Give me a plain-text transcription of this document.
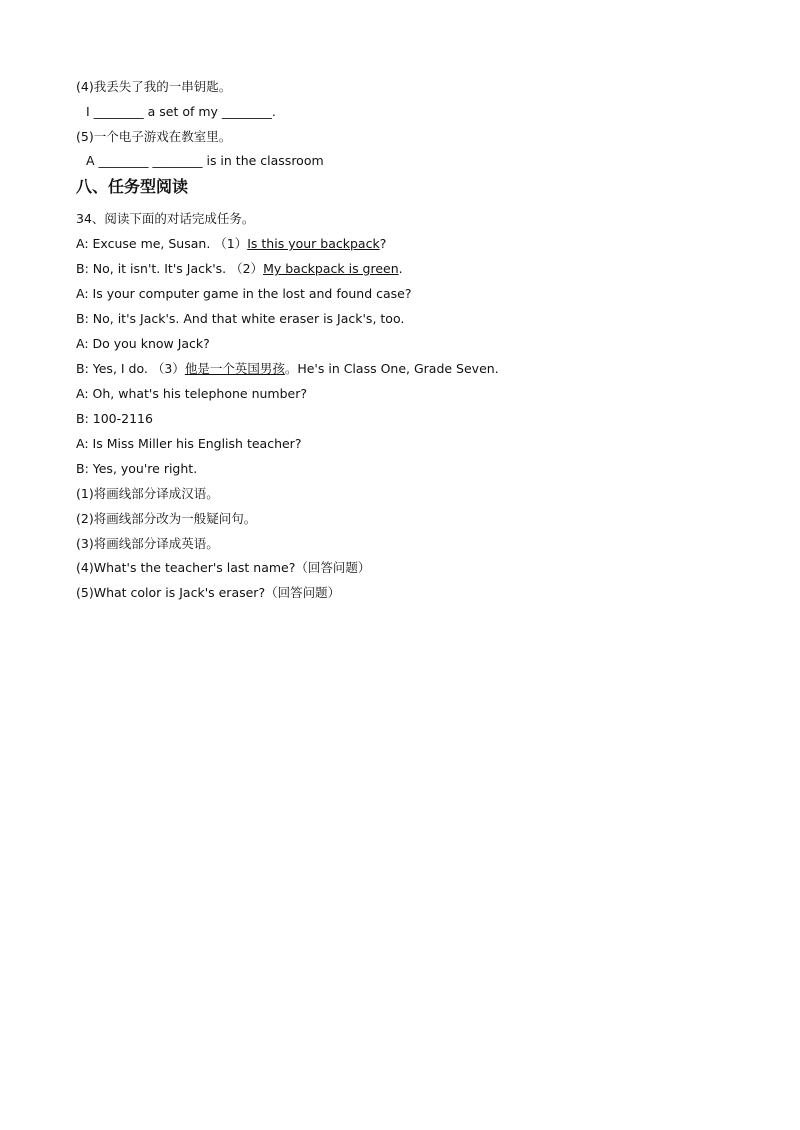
(4)我丢失了我的一串钥匙。
I ________ a set of my ________.
(5)一个电子游戏在教室里。
A ________ ________ is in the classroom
八、任务型阅读
34、阅读下面的对话完成任务。
A: Excuse me, Susan. （1）Is this your backpack?
B: No, it isn't. It's Jack's. （2）My backpack is green.
A: Is your computer game in the lost and found case?
B: No, it's Jack's. And that white eraser is Jack's, too.
A: Do you know Jack?
B: Yes, I do. （3）他是一个英国男孩。He's in Class One, Grade Seven.
A: Oh, what's his telephone number?
B: 100-2116
A: Is Miss Miller his English teacher?
B: Yes, you're right.
(1)将画线部分译成汉语。
(2)将画线部分改为一般疑问句。
(3)将画线部分译成英语。
(4)What's the teacher's last name?（回答问题）
(5)What color is Jack's eraser?（回答问题）
